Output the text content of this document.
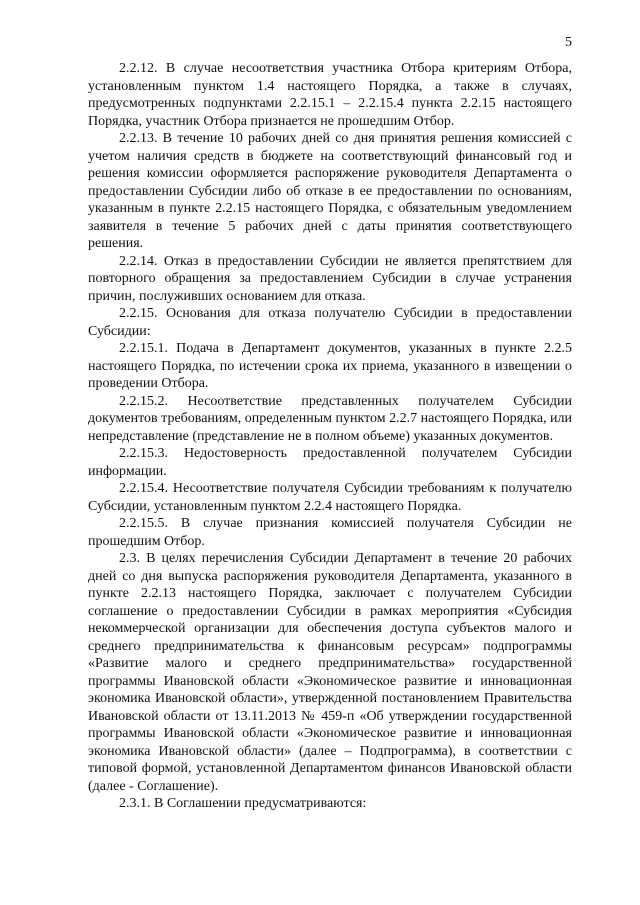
5

2.2.12. В случае несоответствия участника Отбора критериям Отбора, установленным пунктом 1.4 настоящего Порядка, а также в случаях, предусмотренных подпунктами 2.2.15.1 – 2.2.15.4 пункта 2.2.15 настоящего Порядка, участник Отбора признается не прошедшим Отбор.

2.2.13. В течение 10 рабочих дней со дня принятия решения комиссией с учетом наличия средств в бюджете на соответствующий финансовый год и решения комиссии оформляется распоряжение руководителя Департамента о предоставлении Субсидии либо об отказе в ее предоставлении по основаниям, указанным в пункте 2.2.15 настоящего Порядка, с обязательным уведомлением заявителя в течение 5 рабочих дней с даты принятия соответствующего решения.

2.2.14. Отказ в предоставлении Субсидии не является препятствием для повторного обращения за предоставлением Субсидии в случае устранения причин, послуживших основанием для отказа.

2.2.15. Основания для отказа получателю Субсидии в предоставлении Субсидии:

2.2.15.1. Подача в Департамент документов, указанных в пункте 2.2.5 настоящего Порядка, по истечении срока их приема, указанного в извещении о проведении Отбора.

2.2.15.2. Несоответствие представленных получателем Субсидии документов требованиям, определенным пунктом 2.2.7 настоящего Порядка, или непредставление (представление не в полном объеме) указанных документов.

2.2.15.3. Недостоверность предоставленной получателем Субсидии информации.

2.2.15.4. Несоответствие получателя Субсидии требованиям к получателю Субсидии, установленным пунктом 2.2.4 настоящего Порядка.

2.2.15.5. В случае признания комиссией получателя Субсидии не прошедшим Отбор.

2.3. В целях перечисления Субсидии Департамент в течение 20 рабочих дней со дня выпуска распоряжения руководителя Департамента, указанного в пункте 2.2.13 настоящего Порядка, заключает с получателем Субсидии соглашение о предоставлении Субсидии в рамках мероприятия «Субсидия некоммерческой организации для обеспечения доступа субъектов малого и среднего предпринимательства к финансовым ресурсам» подпрограммы «Развитие малого и среднего предпринимательства» государственной программы Ивановской области «Экономическое развитие и инновационная экономика Ивановской области», утвержденной постановлением Правительства Ивановской области от 13.11.2013 № 459-п «Об утверждении государственной программы Ивановской области «Экономическое развитие и инновационная экономика Ивановской области» (далее – Подпрограмма), в соответствии с типовой формой, установленной Департаментом финансов Ивановской области (далее - Соглашение).

2.3.1. В Соглашении предусматриваются:
